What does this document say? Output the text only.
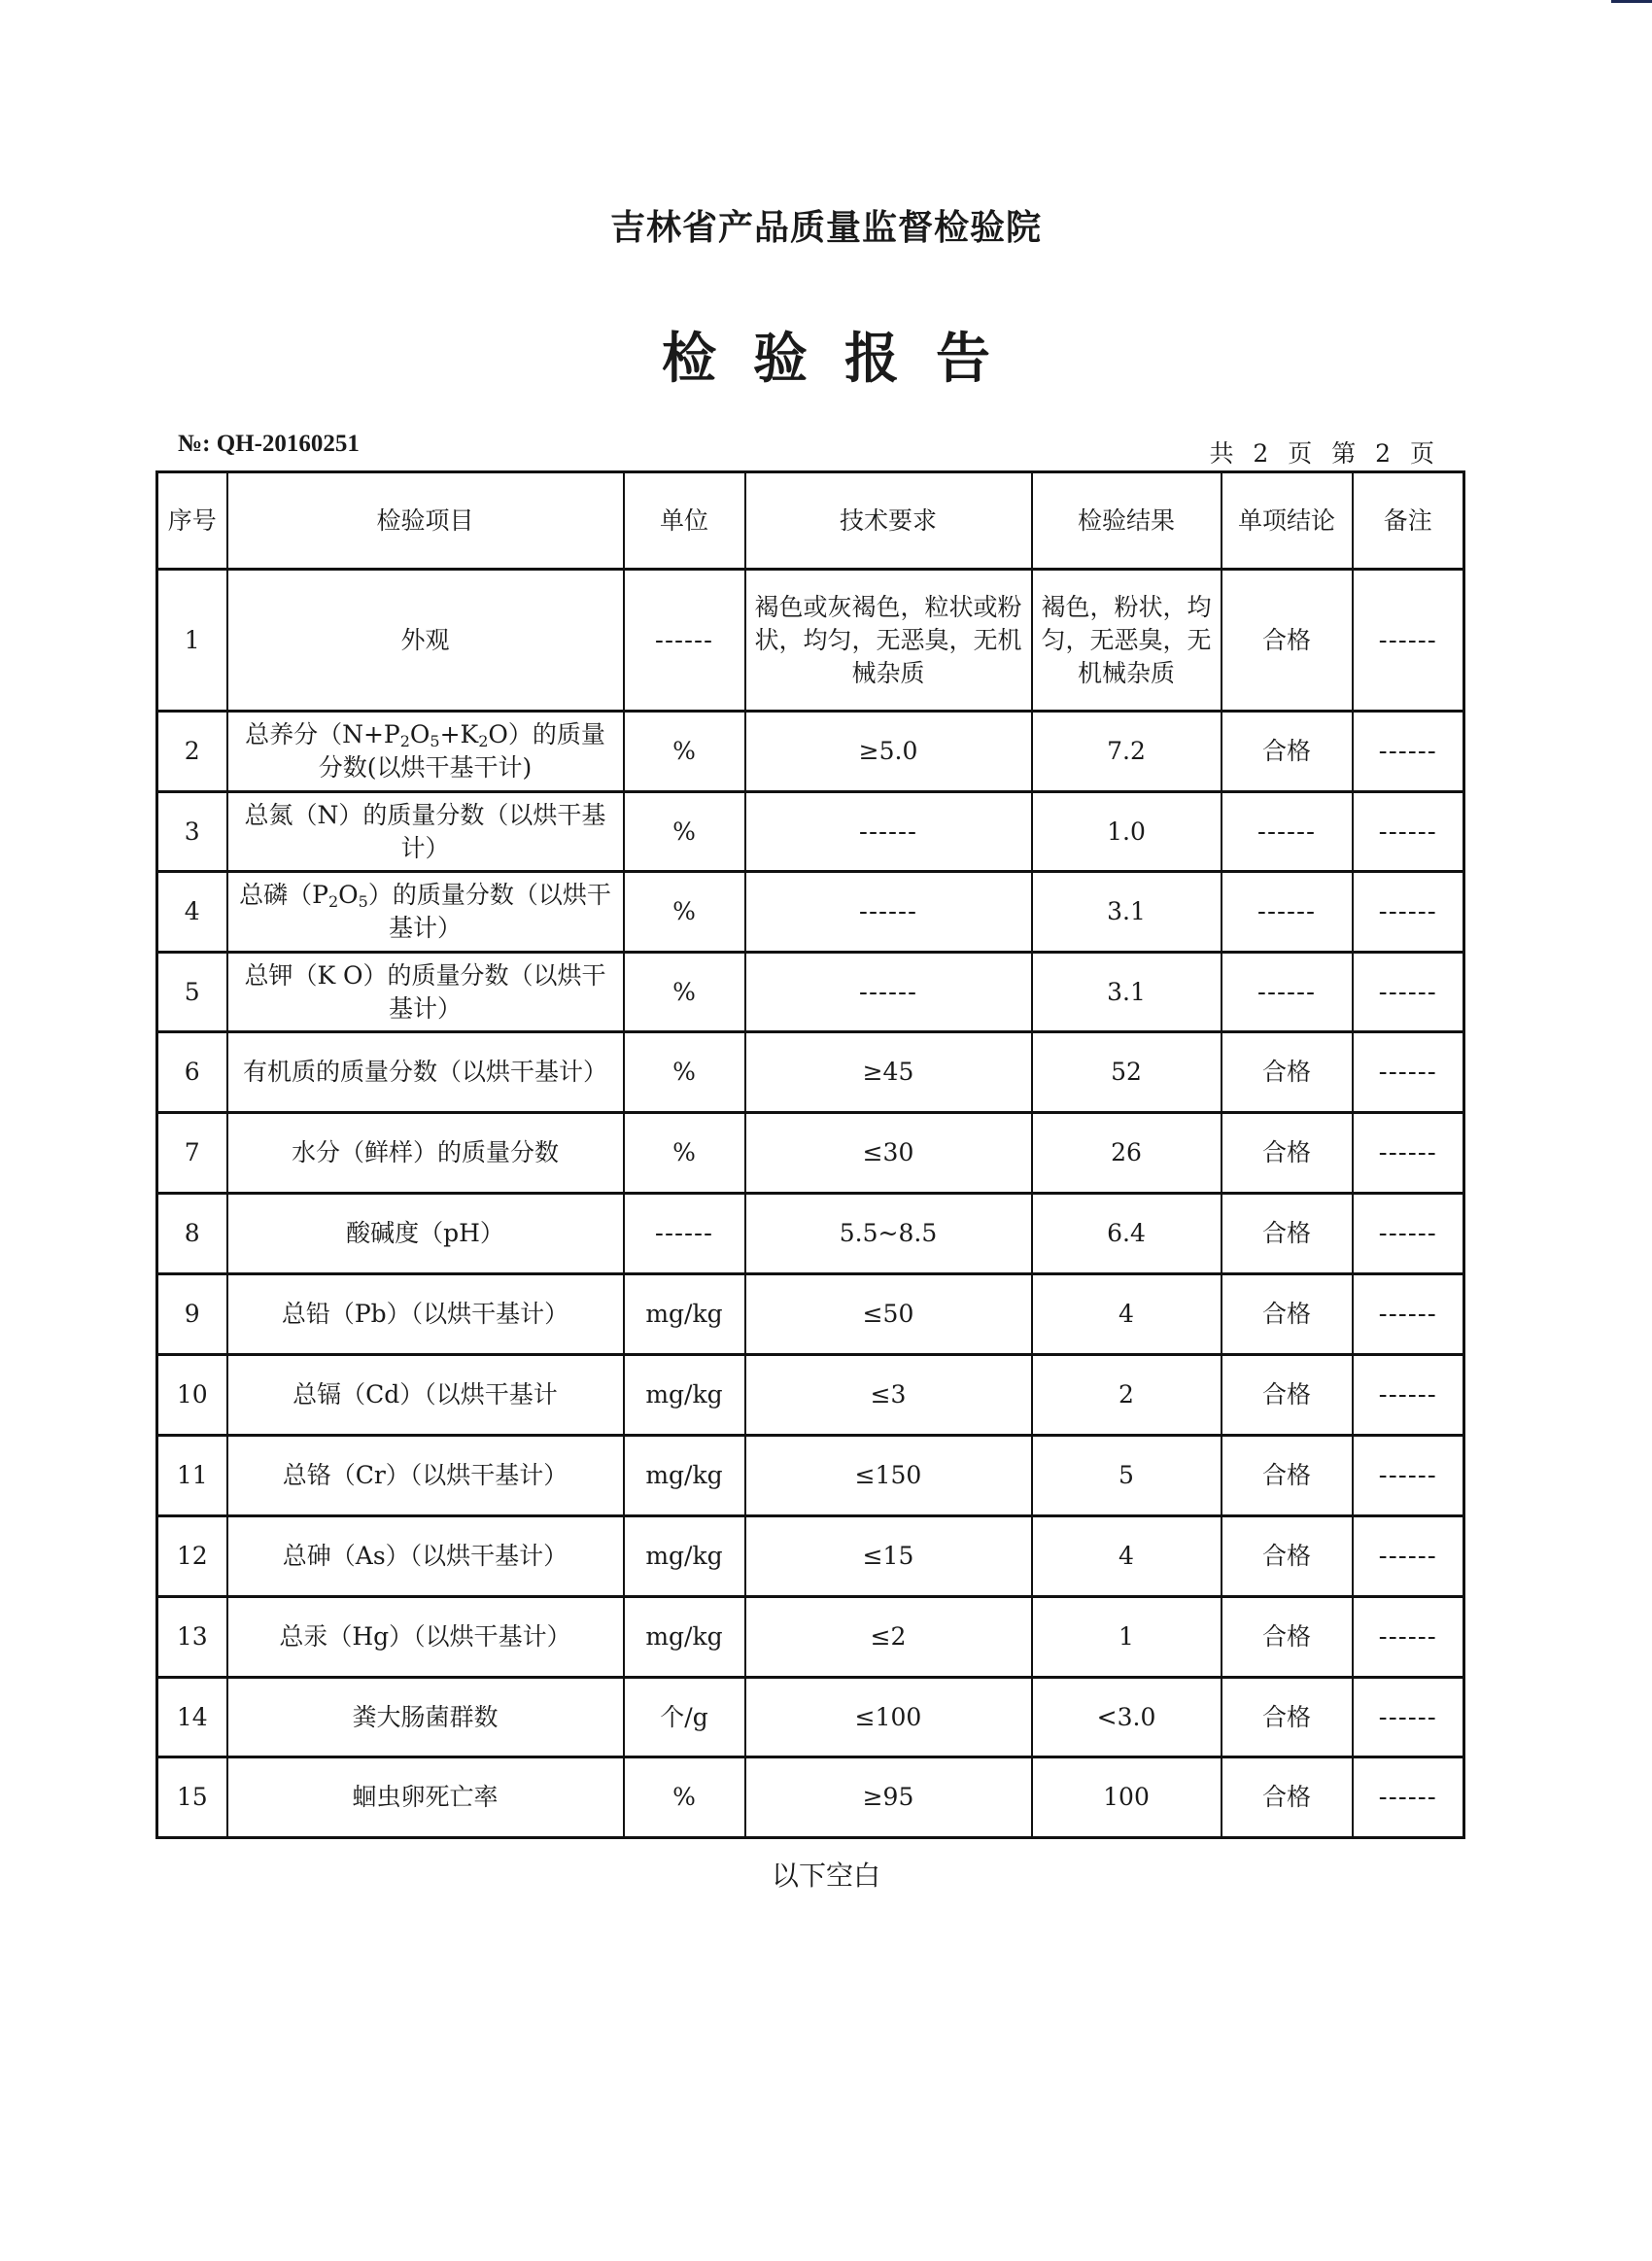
吉林省产品质量监督检验院
检验报告
№: QH-20160251	共 2 页 第 2 页
序号	检验项目	单位	技术要求	检验结果	单项结论	备注
1	外观	------	褐色或灰褐色，粒状或粉状，均匀，无恶臭，无机械杂质	褐色，粉状，均匀，无恶臭，无机械杂质	合格	------
2	总养分$(N+P_2O_5+K_2O)$的质量分数(以烘干基干计)	%	≥5.0	7.2	合格	------
3	总氮（N）的质量分数（以烘干基计）	%	------	1.0	------	------
4	总磷$(P_2O_5)$的质量分数（以烘干基计）	%	------	3.1	------	------
5	总钾（K O）的质量分数（以烘干基计）	%	------	3.1	------	------
6	有机质的质量分数（以烘干基计）	%	≥45	52	合格	------
7	水分（鲜样）的质量分数	%	≤30	26	合格	------
8	酸碱度（pH）	------	5.5~8.5	6.4	合格	------
9	总铅（Pb）（以烘干基计）	mg/kg	≤50	4	合格	------
10	总镉（Cd）（以烘干基计	mg/kg	≤3	2	合格	------
11	总铬（Cr）（以烘干基计）	mg/kg	≤150	5	合格	------
12	总砷（As）（以烘干基计）	mg/kg	≤15	4	合格	------
13	总汞（Hg）（以烘干基计）	mg/kg	≤2	1	合格	------
14	粪大肠菌群数	个/g	≤100	<3.0	合格	------
15	蛔虫卵死亡率	%	≥95	100	合格	------
以下空白
